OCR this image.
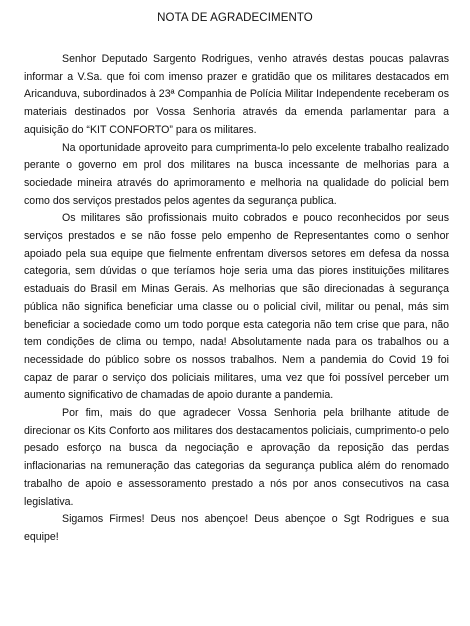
NOTA DE AGRADECIMENTO

Senhor Deputado Sargento Rodrigues, venho através destas poucas palavras informar a V.Sa. que foi com imenso prazer e gratidão que os militares destacados em Aricanduva, subordinados à 23ª Companhia de Polícia Militar Independente receberam os materiais destinados por Vossa Senhoria através da emenda parlamentar para a aquisição do “KIT CONFORTO” para os militares.

Na oportunidade aproveito para cumprimenta-lo pelo excelente trabalho realizado perante o governo em prol dos militares na busca incessante de melhorias para a sociedade mineira através do aprimoramento e melhoria na qualidade do policial bem como dos serviços prestados pelos agentes da segurança publica.

Os militares são profissionais muito cobrados e pouco reconhecidos por seus serviços prestados e se não fosse pelo empenho de Representantes como o senhor apoiado pela sua equipe que fielmente enfrentam diversos setores em defesa da nossa categoria, sem dúvidas o que teríamos hoje seria uma das piores instituições militares estaduais do Brasil em Minas Gerais. As melhorias que são direcionadas à segurança pública não significa beneficiar uma classe ou o policial civil, militar ou penal, más sim beneficiar a sociedade como um todo porque esta categoria não tem crise que para, não tem condições de clima ou tempo, nada! Absolutamente nada para os trabalhos ou a necessidade do público sobre os nossos trabalhos. Nem a pandemia do Covid 19 foi capaz de parar o serviço dos policiais militares, uma vez que foi possível perceber um aumento significativo de chamadas de apoio durante a pandemia.

Por fim, mais do que agradecer Vossa Senhoria pela brilhante atitude de direcionar os Kits Conforto aos militares dos destacamentos policiais, cumprimento-o pelo pesado esforço na busca da negociação e aprovação da reposição das perdas inflacionarias na remuneração das categorias da segurança publica além do renomado trabalho de apoio e assessoramento prestado a nós por anos consecutivos na casa legislativa.

Sigamos Firmes! Deus nos abençoe! Deus abençoe o Sgt Rodrigues e sua equipe!
